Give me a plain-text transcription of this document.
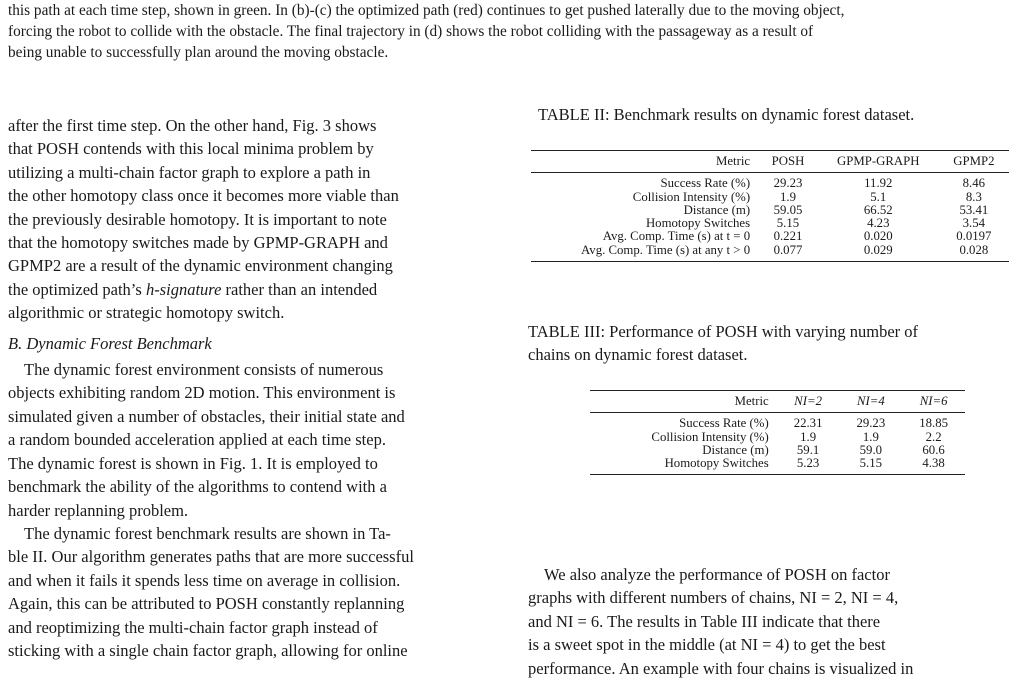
this path at each time step, shown in green. In (b)-(c) the optimized path (red) continues to get pushed laterally due to the moving object,

forcing the robot to collide with the obstacle. The final trajectory in (d) shows the robot colliding with the passageway as a result of

being unable to successfully plan around the moving obstacle.

after the first time step. On the other hand, Fig. 3 shows

that POSH contends with this local minima problem by

utilizing a multi-chain factor graph to explore a path in

the other homotopy class once it becomes more viable than

the previously desirable homotopy. It is important to note

that the homotopy switches made by GPMP-GRAPH and

GPMP2 are a result of the dynamic environment changing

the optimized path’s h-signature rather than an intended

algorithmic or strategic homotopy switch.

B. Dynamic Forest Benchmark

The dynamic forest environment consists of numerous

objects exhibiting random 2D motion. This environment is

simulated given a number of obstacles, their initial state and

a random bounded acceleration applied at each time step.

The dynamic forest is shown in Fig. 1. It is employed to

benchmark the ability of the algorithms to contend with a

harder replanning problem.

The dynamic forest benchmark results are shown in Ta-

ble II. Our algorithm generates paths that are more successful

and when it fails it spends less time on average in collision.

Again, this can be attributed to POSH constantly replanning

and reoptimizing the multi-chain factor graph instead of

sticking with a single chain factor graph, allowing for online

TABLE II: Benchmark results on dynamic forest dataset.
Metric	POSH	GPMP-GRAPH	GPMP2
Success Rate (%)	29.23	11.92	8.46
Collision Intensity (%)	1.9	5.1	8.3
Distance (m)	59.05	66.52	53.41
Homotopy Switches	5.15	4.23	3.54
Avg. Comp. Time (s) at t = 0	0.221	0.020	0.0197
Avg. Comp. Time (s) at any t > 0	0.077	0.029	0.028
TABLE III: Performance of POSH with varying number of
chains on dynamic forest dataset.
Metric	NI=2	NI=4	NI=6
Success Rate (%)	22.31	29.23	18.85
Collision Intensity (%)	1.9	1.9	2.2
Distance (m)	59.1	59.0	60.6
Homotopy Switches	5.23	5.15	4.38

We also analyze the performance of POSH on factor

graphs with different numbers of chains, NI = 2, NI = 4,
and NI = 6. The results in Table III indicate that there
is a sweet spot in the middle (at NI = 4) to get the best
performance. An example with four chains is visualized in
